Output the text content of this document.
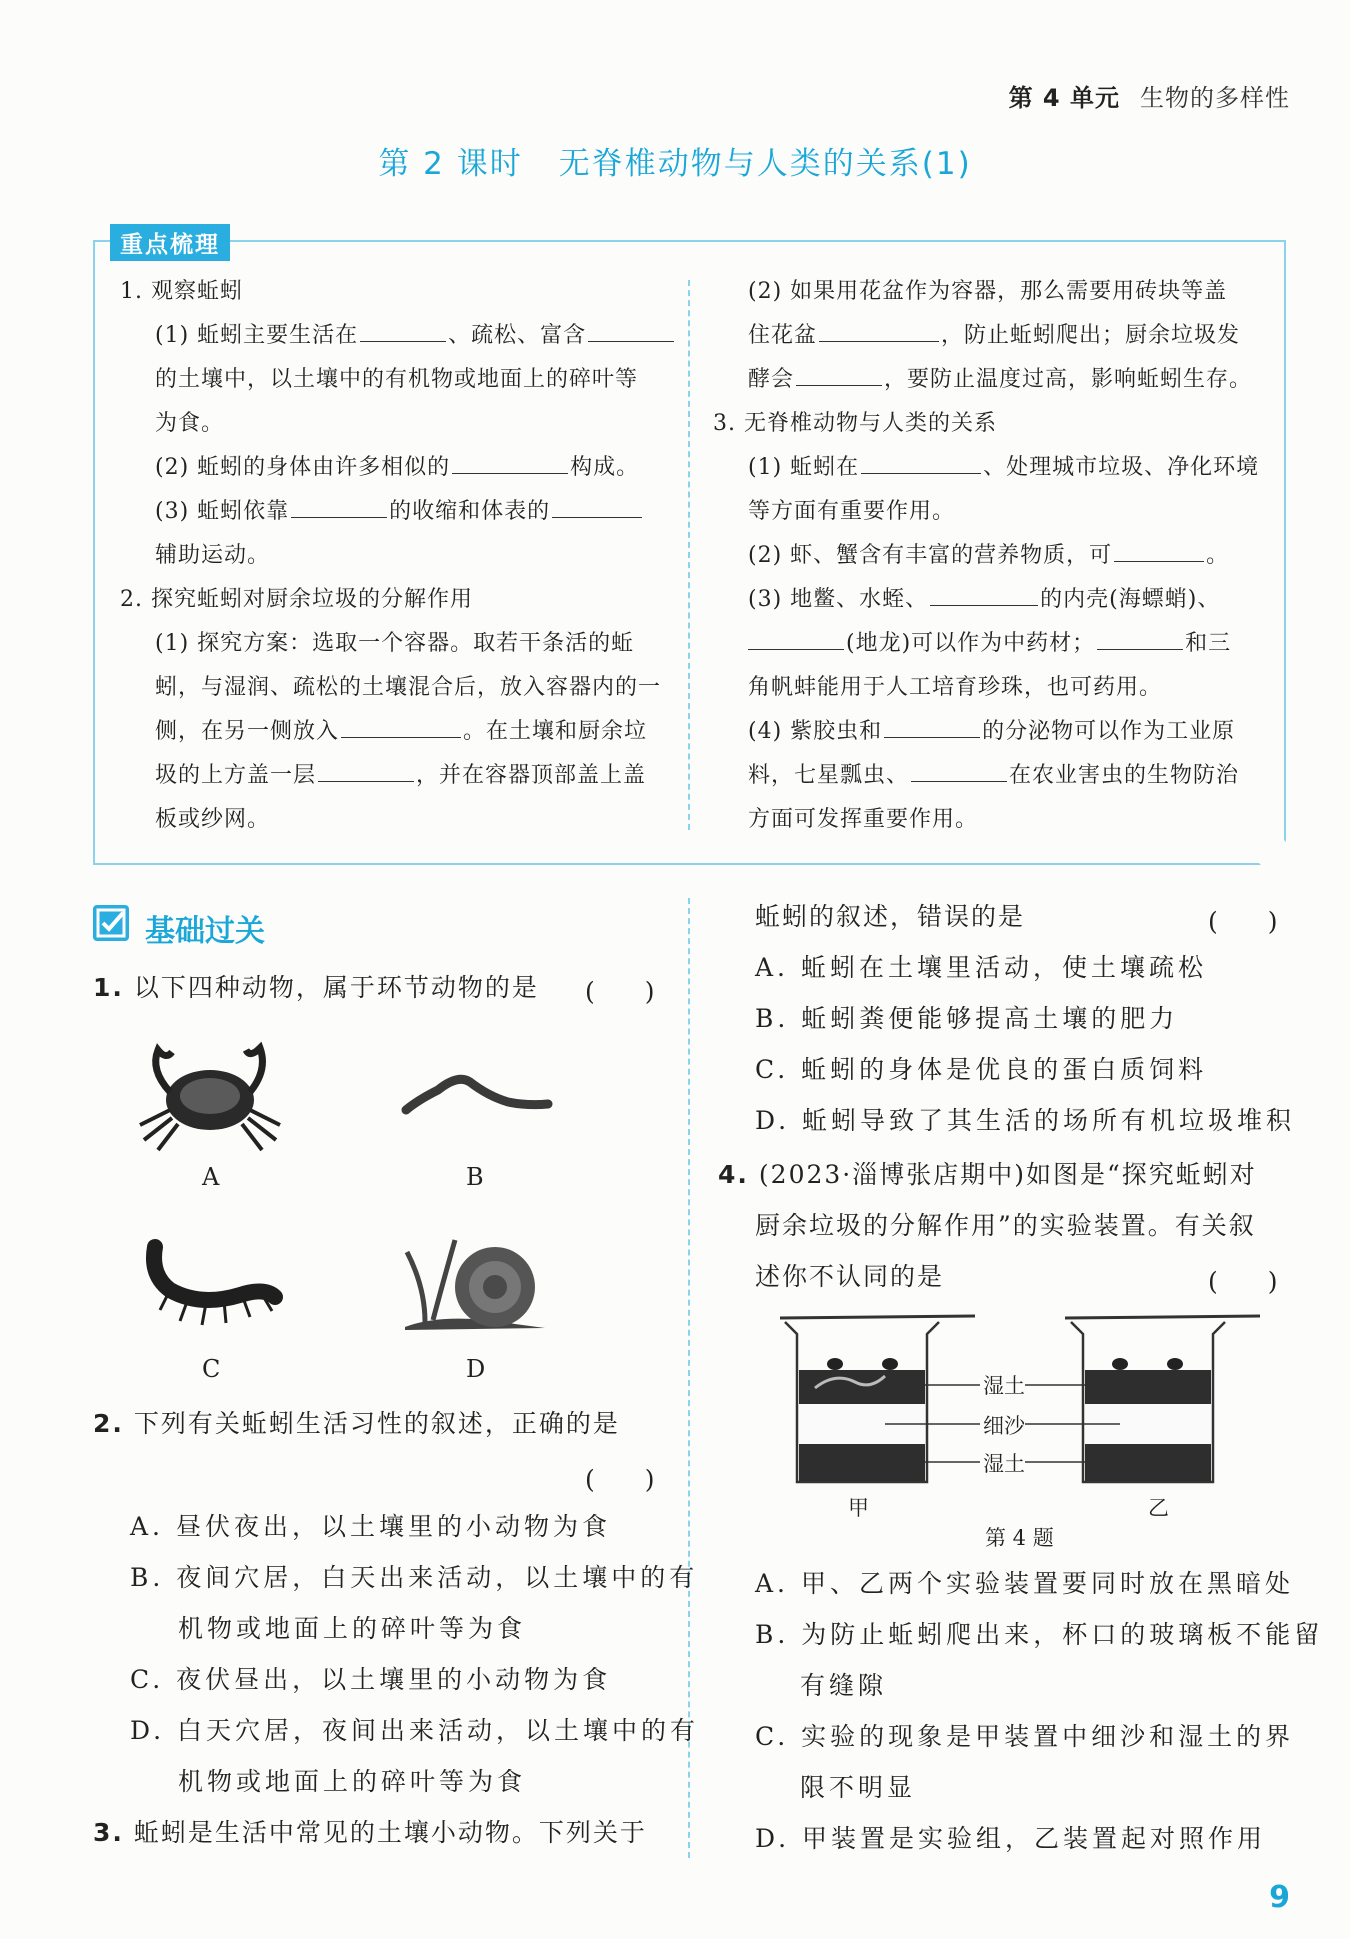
第 4 单元 生物的多样性
第 2 课时 无脊椎动物与人类的关系(1)
重点梳理
1. 观察蚯蚓
(1) 蚯蚓主要生活在	、疏松、富含
的土壤中，以土壤中的有机物或地面上的碎叶等
为食。
(2) 蚯蚓的身体由许多相似的	构成。
(3) 蚯蚓依靠	的收缩和体表的
辅助运动。
2. 探究蚯蚓对厨余垃圾的分解作用
(1) 探究方案：选取一个容器。取若干条活的蚯
蚓，与湿润、疏松的土壤混合后，放入容器内的一
侧，在另一侧放入	。在土壤和厨余垃
圾的上方盖一层	，并在容器顶部盖上盖
板或纱网。
(2) 如果用花盆作为容器，那么需要用砖块等盖
住花盆	，防止蚯蚓爬出；厨余垃圾发
酵会	，要防止温度过高，影响蚯蚓生存。
3. 无脊椎动物与人类的关系
(1) 蚯蚓在	、处理城市垃圾、净化环境
等方面有重要作用。
(2) 虾、蟹含有丰富的营养物质，可	。
(3) 地鳖、水蛭、	的内壳(海螵蛸)、
(地龙)可以作为中药材；	和三
角帆蚌能用于人工培育珍珠，也可药用。
(4) 紫胶虫和	的分泌物可以作为工业原
料，七星瓢虫、	在农业害虫的生物防治
方面可发挥重要作用。
基础过关
1. 以下四种动物，属于环节动物的是 (　　)
A	B
C	D
2. 下列有关蚯蚓生活习性的叙述，正确的是
(　　)
A. 昼伏夜出，以土壤里的小动物为食
B. 夜间穴居，白天出来活动，以土壤中的有
机物或地面上的碎叶等为食
C. 夜伏昼出，以土壤里的小动物为食
D. 白天穴居，夜间出来活动，以土壤中的有
机物或地面上的碎叶等为食
3. 蚯蚓是生活中常见的土壤小动物。下列关于
蚯蚓的叙述，错误的是	(　　)
A. 蚯蚓在土壤里活动，使土壤疏松
B. 蚯蚓粪便能够提高土壤的肥力
C. 蚯蚓的身体是优良的蛋白质饲料
D. 蚯蚓导致了其生活的场所有机垃圾堆积
4. (2023·淄博张店期中)如图是“探究蚯蚓对
厨余垃圾的分解作用”的实验装置。有关叙
述你不认同的是	(　　)
湿土
细沙
湿土
甲	乙
第 4 题
A. 甲、乙两个实验装置要同时放在黑暗处
B. 为防止蚯蚓爬出来，杯口的玻璃板不能留
有缝隙
C. 实验的现象是甲装置中细沙和湿土的界
限不明显
D. 甲装置是实验组，乙装置起对照作用
9
